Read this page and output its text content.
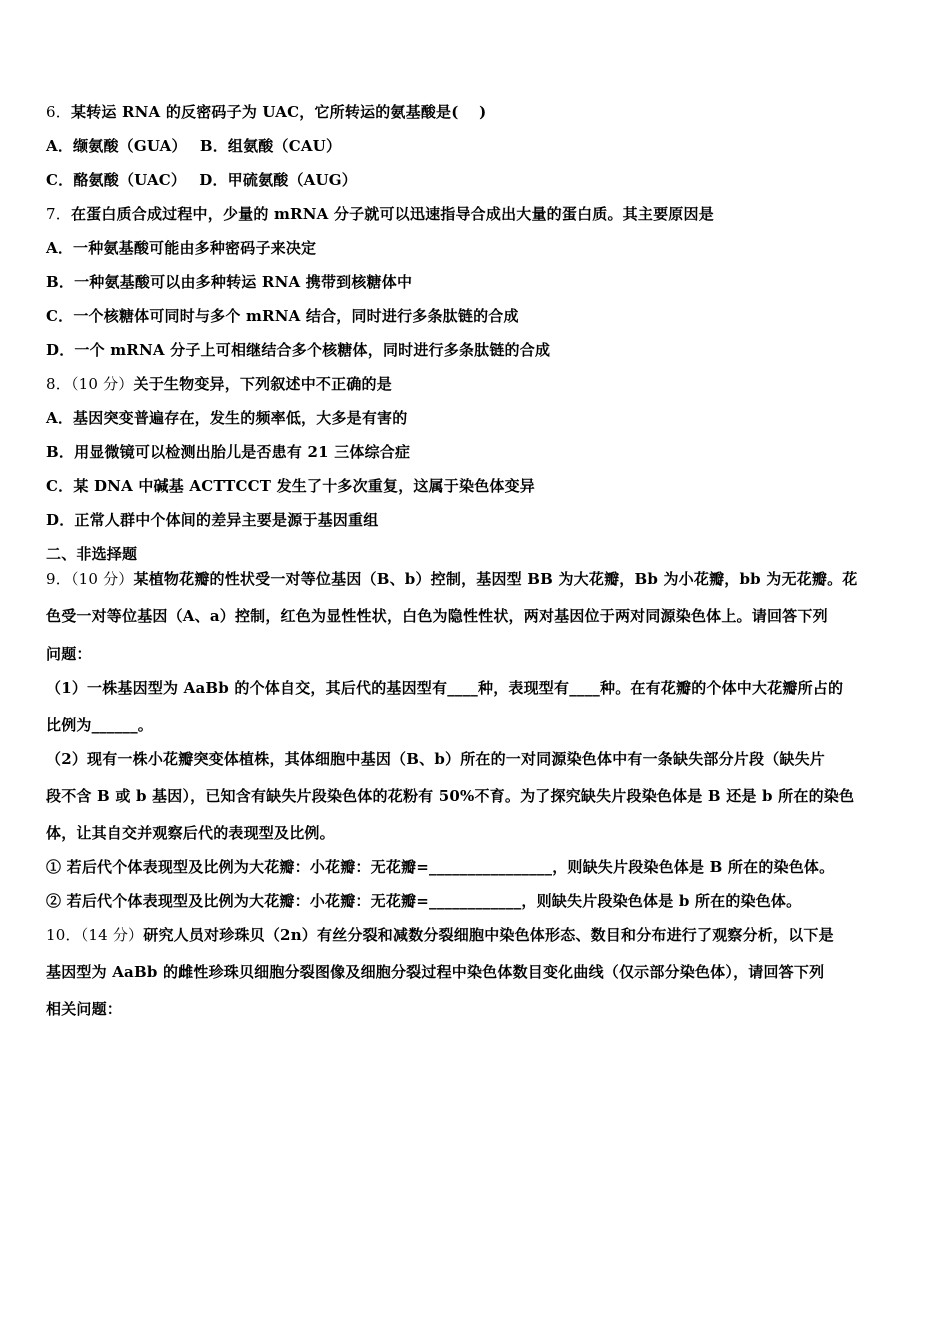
6．某转运 RNA 的反密码子为 UAC，它所转运的氨基酸是(　 )
A．缬氨酸（GUA）　 B．组氨酸（CAU）
C．酪氨酸（UAC）　 D．甲硫氨酸（AUG）
7．在蛋白质合成过程中，少量的 mRNA 分子就可以迅速指导合成出大量的蛋白质。其主要原因是
A．一种氨基酸可能由多种密码子来决定
B．一种氨基酸可以由多种转运 RNA 携带到核糖体中
C．一个核糖体可同时与多个 mRNA 结合，同时进行多条肽链的合成
D．一个 mRNA 分子上可相继结合多个核糖体，同时进行多条肽链的合成
8．（10 分）关于生物变异，下列叙述中不正确的是
A．基因突变普遍存在，发生的频率低，大多是有害的
B．用显微镜可以检测出胎儿是否患有 21 三体综合症
C．某 DNA 中碱基 ACTTCCT 发生了十多次重复，这属于染色体变异
D．正常人群中个体间的差异主要是源于基因重组
二、非选择题
9．（10 分）某植物花瓣的性状受一对等位基因（B、b）控制，基因型 BB 为大花瓣，Bb 为小花瓣，bb 为无花瓣。花
色受一对等位基因（A、a）控制，红色为显性性状，白色为隐性性状，两对基因位于两对同源染色体上。请回答下列
问题：
（1）一株基因型为 AaBb 的个体自交，其后代的基因型有____种，表现型有____种。在有花瓣的个体中大花瓣所占的
比例为______。
（2）现有一株小花瓣突变体植株，其体细胞中基因（B、b）所在的一对同源染色体中有一条缺失部分片段（缺失片
段不含 B 或 b 基因），已知含有缺失片段染色体的花粉有 50%不育。为了探究缺失片段染色体是 B 还是 b 所在的染色
体，让其自交并观察后代的表现型及比例。
① 若后代个体表现型及比例为大花瓣：小花瓣：无花瓣=________________，则缺失片段染色体是 B 所在的染色体。
② 若后代个体表现型及比例为大花瓣：小花瓣：无花瓣=____________，则缺失片段染色体是 b 所在的染色体。
10．（14 分）研究人员对珍珠贝（2n）有丝分裂和减数分裂细胞中染色体形态、数目和分布进行了观察分析，以下是
基因型为 AaBb 的雌性珍珠贝细胞分裂图像及细胞分裂过程中染色体数目变化曲线（仅示部分染色体），请回答下列
相关问题：
